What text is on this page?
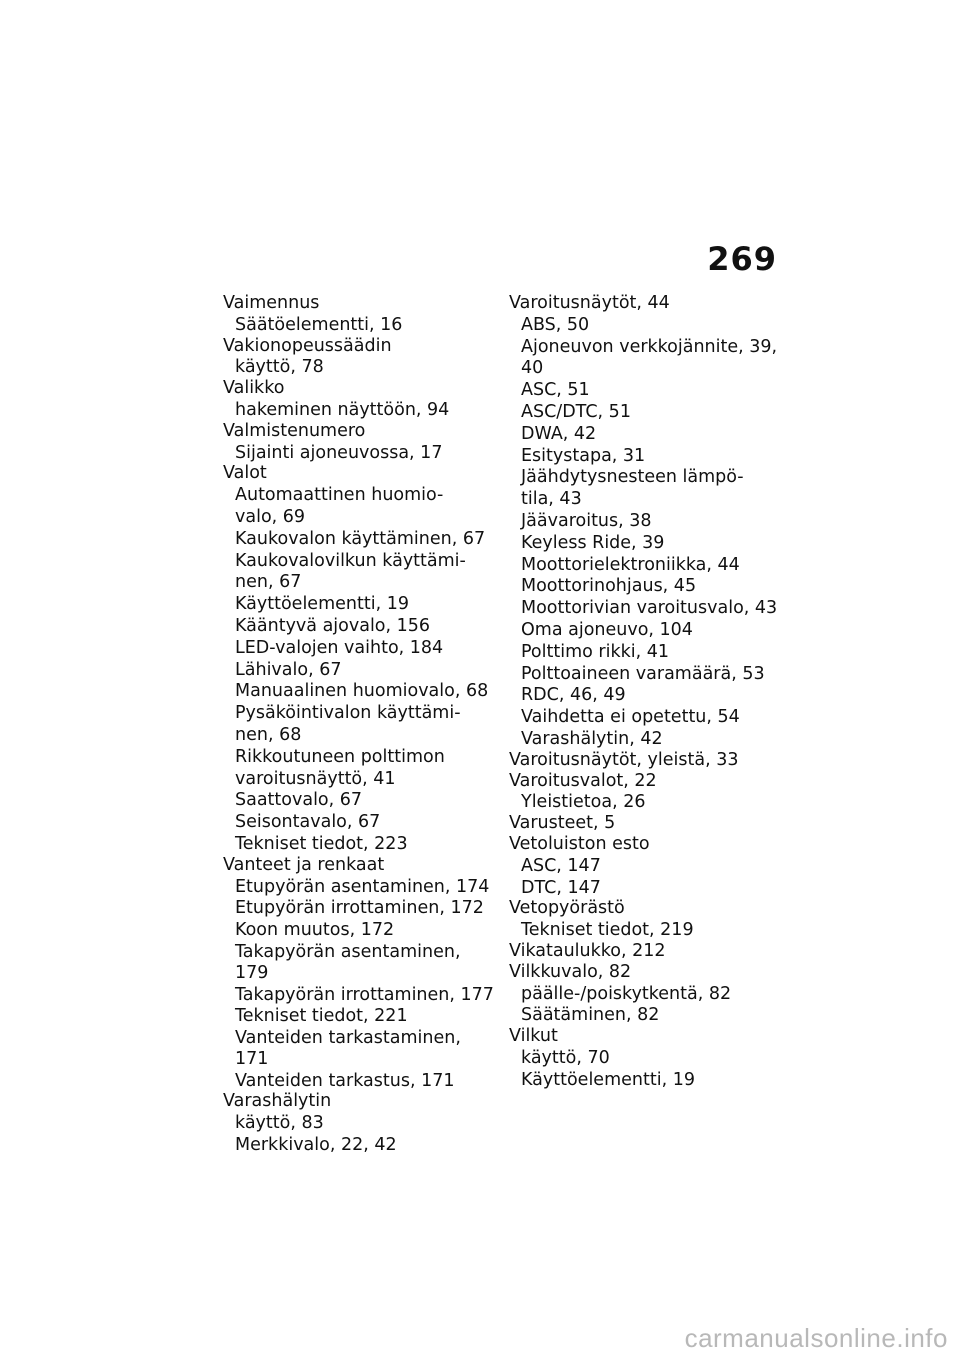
269
Vaimennus
Säätöelementti, 16
Vakionopeussäädin
käyttö, 78
Valikko
hakeminen näyttöön, 94
Valmistenumero
Sijainti ajoneuvossa, 17
Valot
Automaattinen huomio-
valo, 69
Kaukovalon käyttäminen, 67
Kaukovalovilkun käyttämi-
nen, 67
Käyttöelementti, 19
Kääntyvä ajovalo, 156
LED-valojen vaihto, 184
Lähivalo, 67
Manuaalinen huomiovalo, 68
Pysäköintivalon käyttämi-
nen, 68
Rikkoutuneen polttimon
varoitusnäyttö, 41
Saattovalo, 67
Seisontavalo, 67
Tekniset tiedot, 223
Vanteet ja renkaat
Etupyörän asentaminen, 174
Etupyörän irrottaminen, 172
Koon muutos, 172
Takapyörän asentaminen, 179
Takapyörän irrottaminen, 177
Tekniset tiedot, 221
Vanteiden tarkastaminen, 171
Vanteiden tarkastus, 171
Varashälytin
käyttö, 83
Merkkivalo, 22, 42
Varoitusnäytöt, 44
ABS, 50
Ajoneuvon verkkojännite, 39,
40
ASC, 51
ASC/DTC, 51
DWA, 42
Esitystapa, 31
Jäähdytysnesteen lämpö-
tila, 43
Jäävaroitus, 38
Keyless Ride, 39
Moottorielektroniikka, 44
Moottorinohjaus, 45
Moottorivian varoitusvalo, 43
Oma ajoneuvo, 104
Polttimo rikki, 41
Polttoaineen varamäärä, 53
RDC, 46, 49
Vaihdetta ei opetettu, 54
Varashälytin, 42
Varoitusnäytöt, yleistä, 33
Varoitusvalot, 22
Yleistietoa, 26
Varusteet, 5
Vetoluiston esto
ASC, 147
DTC, 147
Vetopyörästö
Tekniset tiedot, 219
Vikataulukko, 212
Vilkkuvalo, 82
päälle-/poiskytkentä, 82
Säätäminen, 82
Vilkut
käyttö, 70
Käyttöelementti, 19
carmanualsonline.info
